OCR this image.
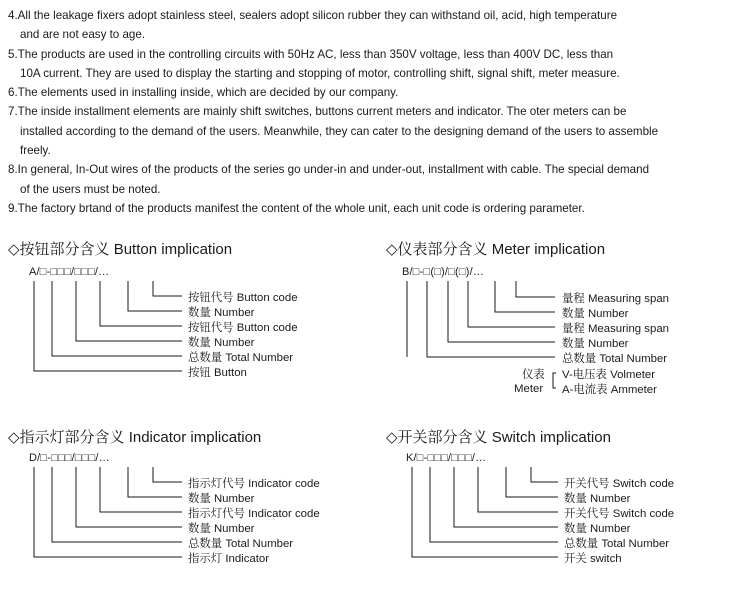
4.All the leakage fixers adopt stainless steel, sealers adopt silicon rubber they can withstand oil, acid, high temperature

and are not easy to age.

5.The products are used in the controlling circuits with 50Hz AC, less than 350V voltage, less than 400V DC, less than

10A current. They are used to display the starting and stopping of motor, controlling shift, signal shift, meter measure.

6.The elements used in installing inside, which are decided by our company.

7.The inside installment elements are mainly shift switches, buttons current meters and indicator. The oter meters can be

installed according to the demand of the users. Meanwhile, they can cater to the designing demand of the users to assemble

freely.

8.In general, In-Out wires of the products of the series go under-in and under-out, installment with cable. The special demand

of the users must be noted.

9.The factory brtand of the products manifest the content of the whole unit, each unit code is ordering parameter.

◇按钮部分含义 Button implication
A/□-□□□/□□□/…
按钮代号 Button code
数量 Number
按钮代号 Button code
数量 Number
总数量 Total Number
按钮 Button
◇仪表部分含义 Meter implication
B/□-□(□)/□(□)/…
量程 Measuring span
数量 Number
量程 Measuring span
数量 Number
总数量 Total Number
仪表
Meter
V-电压表 Volmeter
A-电流表 Ammeter
◇指示灯部分含义 Indicator implication
D/□-□□□/□□□/…
指示灯代号 Indicator code
数量 Number
指示灯代号 Indicator code
数量 Number
总数量 Total Number
指示灯 Indicator
◇开关部分含义 Switch implication
K/□-□□□/□□□/…
开关代号 Switch code
数量 Number
开关代号 Switch code
数量 Number
总数量 Total Number
开关 switch
